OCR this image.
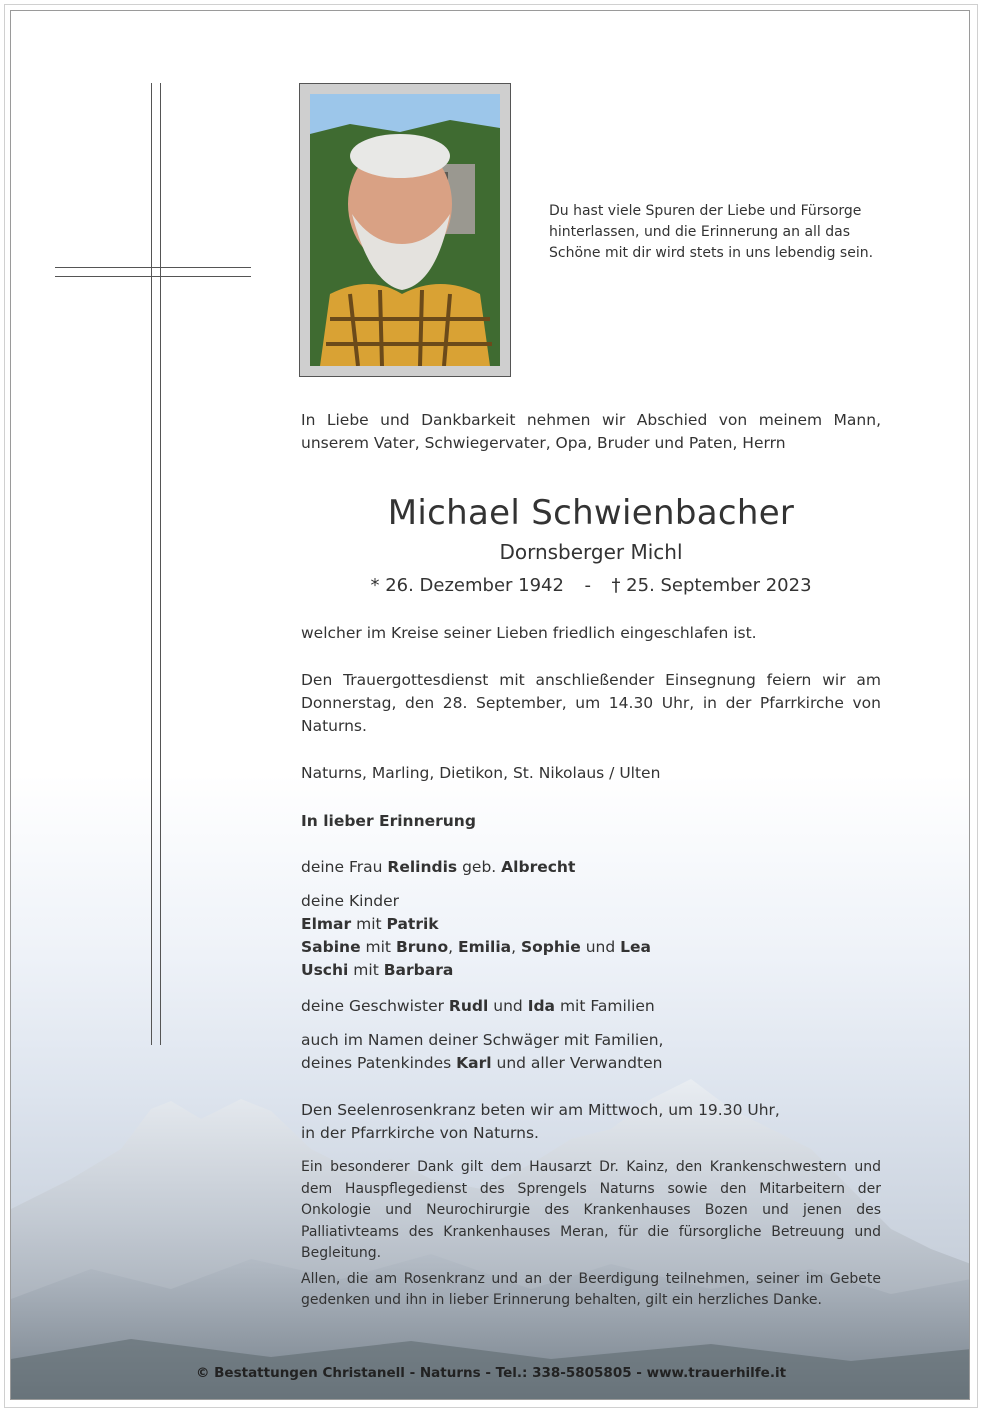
Du hast viele Spuren der Liebe und Fürsorge
hinterlassen, und die Erinnerung an all das
Schöne mit dir wird stets in uns lebendig sein.
In Liebe und Dankbarkeit nehmen wir Abschied von meinem Mann,
unserem Vater, Schwiegervater, Opa, Bruder und Paten, Herrn
Michael Schwienbacher
Dornsberger Michl
* 26. Dezember 1942 - † 25. September 2023
welcher im Kreise seiner Lieben friedlich eingeschlafen ist.
Den Trauergottesdienst mit anschließender Einsegnung feiern wir am
Donnerstag, den 28. September, um 14.30 Uhr, in der Pfarrkirche von
Naturns.
Naturns, Marling, Dietikon, St. Nikolaus / Ulten
In lieber Erinnerung
deine Frau Relindis geb. Albrecht
deine Kinder
Elmar mit Patrik
Sabine mit Bruno, Emilia, Sophie und Lea
Uschi mit Barbara
deine Geschwister Rudl und Ida mit Familien
auch im Namen deiner Schwäger mit Familien,
deines Patenkindes Karl und aller Verwandten
Den Seelenrosenkranz beten wir am Mittwoch, um 19.30 Uhr,
in der Pfarrkirche von Naturns.
Ein besonderer Dank gilt dem Hausarzt Dr. Kainz, den Krankenschwestern und
dem Hauspflegedienst des Sprengels Naturns sowie den Mitarbeitern der
Onkologie und Neurochirurgie des Krankenhauses Bozen und jenen des
Palliativteams des Krankenhauses Meran, für die fürsorgliche Betreuung und
Begleitung.
Allen, die am Rosenkranz und an der Beerdigung teilnehmen, seiner im Gebete
gedenken und ihn in lieber Erinnerung behalten, gilt ein herzliches Danke.
© Bestattungen Christanell - Naturns - Tel.: 338-5805805 - www.trauerhilfe.it
